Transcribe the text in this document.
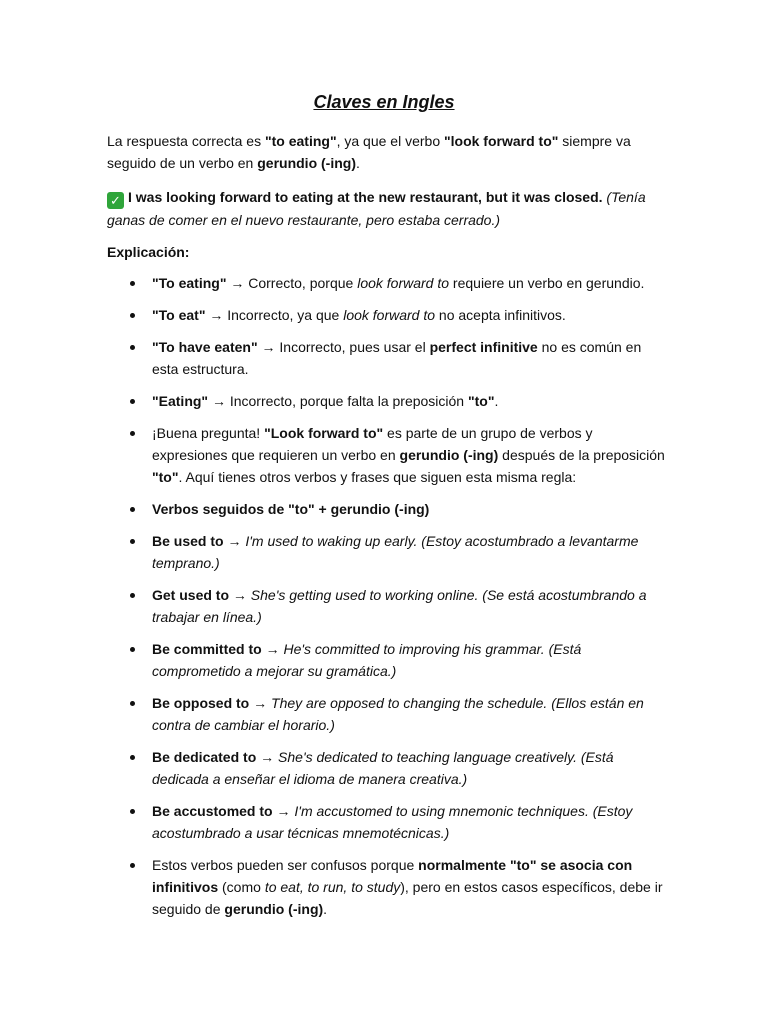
Claves en Ingles

La respuesta correcta es "to eating", ya que el verbo "look forward to" siempre va seguido de un verbo en gerundio (-ing).

✓ I was looking forward to eating at the new restaurant, but it was closed. (Tenía ganas de comer en el nuevo restaurante, pero estaba cerrado.)

Explicación:

"To eating" → Correcto, porque look forward to requiere un verbo en gerundio.
"To eat" → Incorrecto, ya que look forward to no acepta infinitivos.
"To have eaten" → Incorrecto, pues usar el perfect infinitive no es común en esta estructura.
"Eating" → Incorrecto, porque falta la preposición "to".
¡Buena pregunta! "Look forward to" es parte de un grupo de verbos y expresiones que requieren un verbo en gerundio (-ing) después de la preposición "to". Aquí tienes otros verbos y frases que siguen esta misma regla:
Verbos seguidos de "to" + gerundio (-ing)
Be used to → I'm used to waking up early. (Estoy acostumbrado a levantarme temprano.)
Get used to → She's getting used to working online. (Se está acostumbrando a trabajar en línea.)
Be committed to → He's committed to improving his grammar. (Está comprometido a mejorar su gramática.)
Be opposed to → They are opposed to changing the schedule. (Ellos están en contra de cambiar el horario.)
Be dedicated to → She's dedicated to teaching language creatively. (Está dedicada a enseñar el idioma de manera creativa.)
Be accustomed to → I'm accustomed to using mnemonic techniques. (Estoy acostumbrado a usar técnicas mnemotécnicas.)
Estos verbos pueden ser confusos porque normalmente "to" se asocia con infinitivos (como to eat, to run, to study), pero en estos casos específicos, debe ir seguido de gerundio (-ing).
